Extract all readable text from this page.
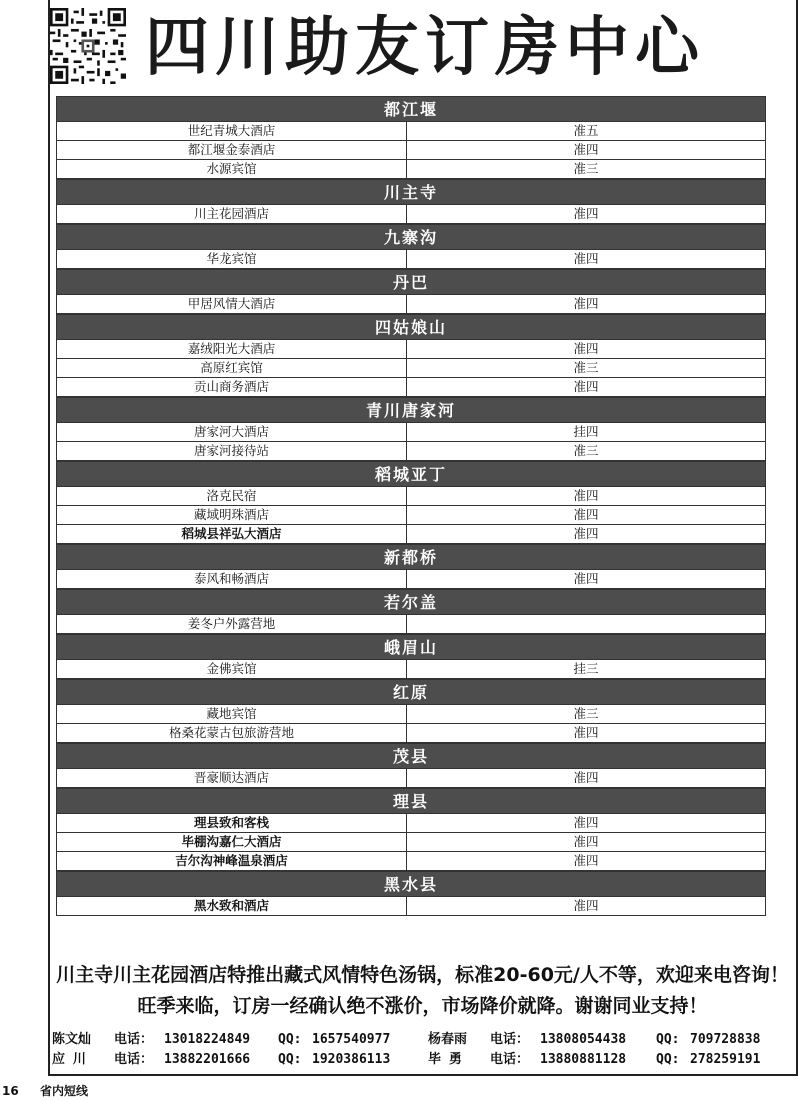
四川助友订房中心
都江堰
世纪青城大酒店	准五
都江堰金泰酒店	准四
水源宾馆	准三
川主寺
川主花园酒店	准四
九寨沟
华龙宾馆	准四
丹巴
甲居风情大酒店	准四
四姑娘山
嘉绒阳光大酒店	准四
高原红宾馆	准三
贡山商务酒店	准四
青川唐家河
唐家河大酒店	挂四
唐家河接待站	准三
稻城亚丁
洛克民宿	准四
藏域明珠酒店	准四
稻城县祥弘大酒店	准四
新都桥
泰风和畅酒店	准四
若尔盖
姜冬户外露营地
峨眉山
金佛宾馆	挂三
红原
藏地宾馆	准三
格桑花蒙古包旅游营地	准四
茂县
晋豪顺达酒店	准四
理县
理县致和客栈	准四
毕棚沟嘉仁大酒店	准四
吉尔沟神峰温泉酒店	准四
黑水县
黑水致和酒店	准四
川主寺川主花园酒店特推出藏式风情特色汤锅，标准20-60元/人不等，欢迎来电咨询！
旺季来临，订房一经确认绝不涨价，市场降价就降。谢谢同业支持！
陈文灿	电话： 13018224849	QQ: 1657540977	杨春雨	电话： 13808054438	QQ: 709728838
应 川	电话： 13882201666	QQ: 1920386113	毕 勇	电话： 13880881128	QQ: 278259191
16 省内短线
